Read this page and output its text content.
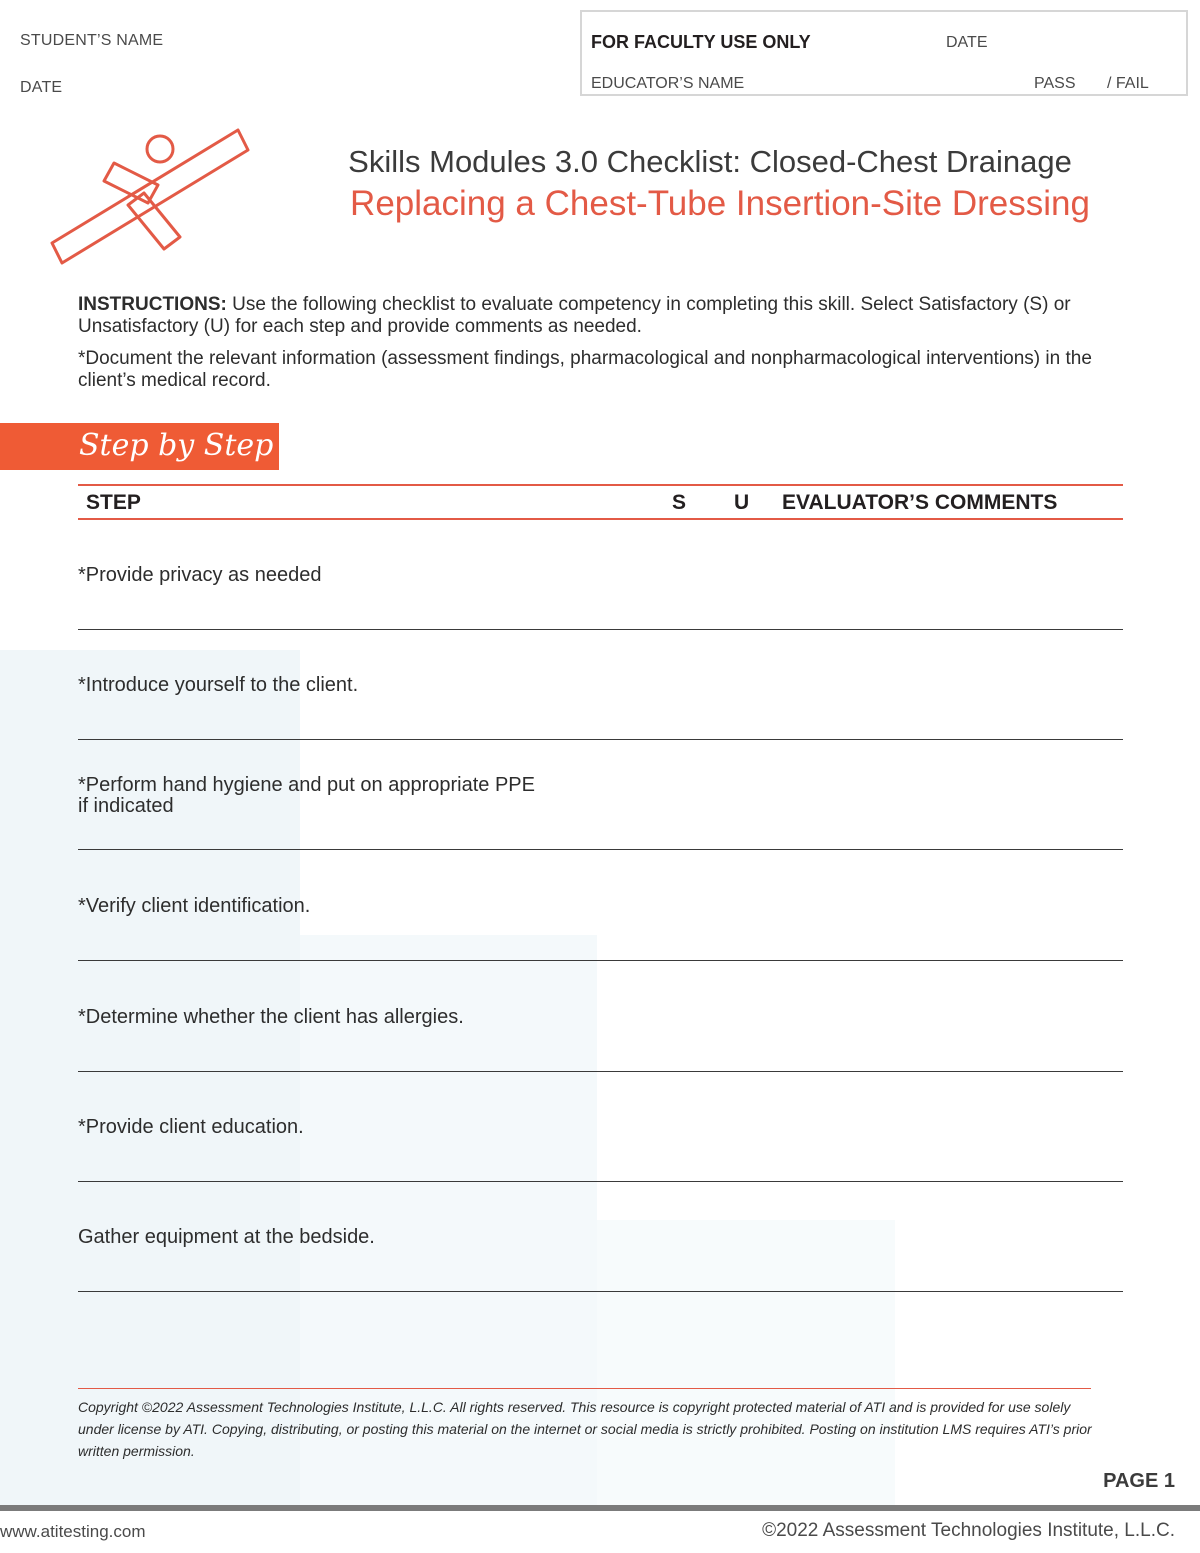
STUDENT’S NAME
DATE
FOR FACULTY USE ONLY	DATE
EDUCATOR’S NAME	PASS / FAIL
Skills Modules 3.0 Checklist: Closed-Chest Drainage
Replacing a Chest-Tube Insertion-Site Dressing
INSTRUCTIONS: Use the following checklist to evaluate competency in completing this skill. Select Satisfactory (S) or Unsatisfactory (U) for each step and provide comments as needed.
*Document the relevant information (assessment findings, pharmacological and nonpharmacological interventions) in the client’s medical record.
Step by Step
STEP	S U EVALUATOR’S COMMENTS
*Provide privacy as needed
*Introduce yourself to the client.
*Perform hand hygiene and put on appropriate PPE
if indicated
*Verify client identification.
*Determine whether the client has allergies.
*Provide client education.
Gather equipment at the bedside.
Copyright ©2022 Assessment Technologies Institute, L.L.C. All rights reserved. This resource is copyright protected material of ATI and is provided for use solely under license by ATI. Copying, distributing, or posting this material on the internet or social media is strictly prohibited. Posting on institution LMS requires ATI’s prior written permission.
PAGE 1
www.atitesting.com	©2022 Assessment Technologies Institute, L.L.C.
